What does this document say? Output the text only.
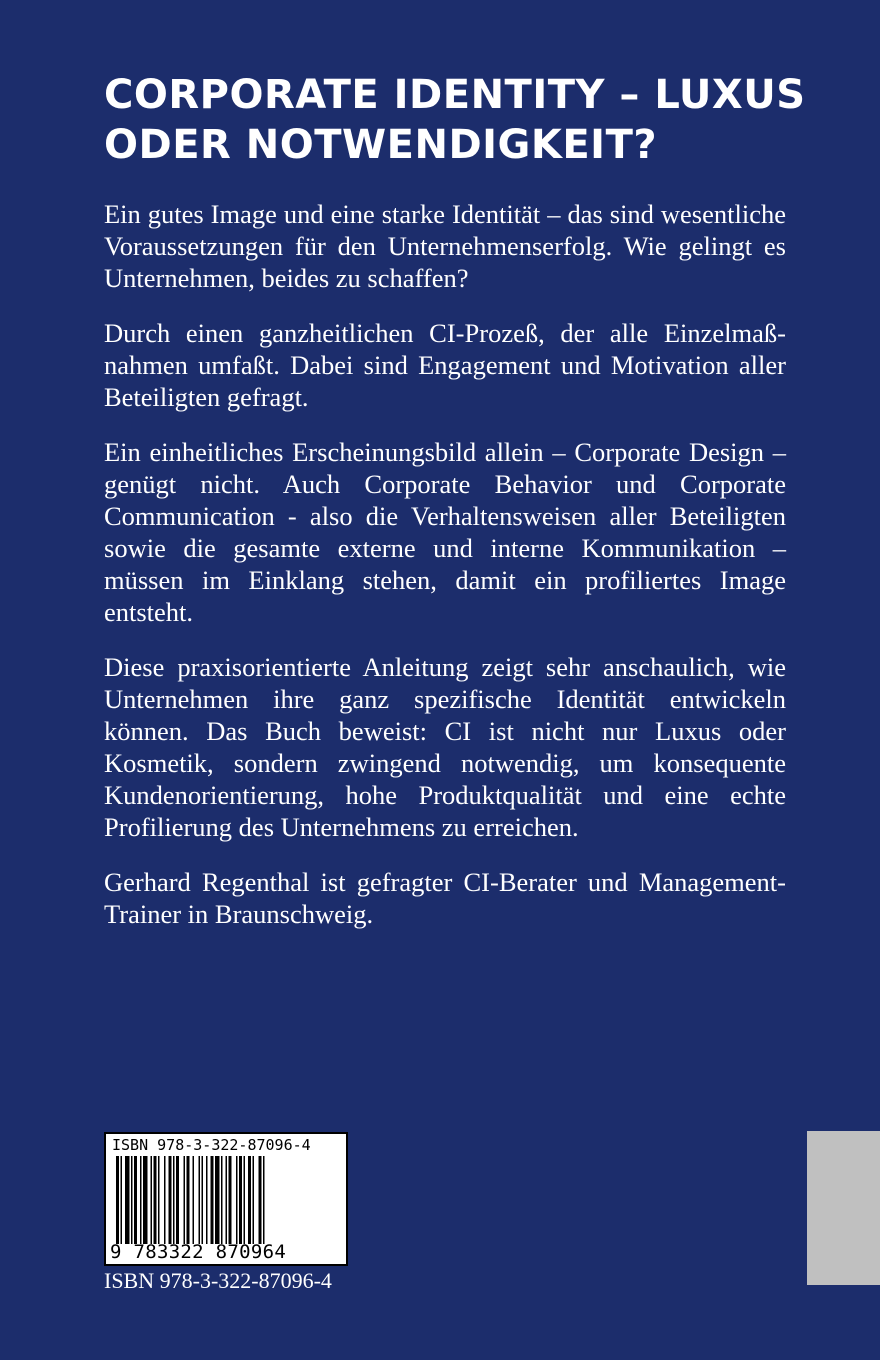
CORPORATE IDENTITY – LUXUS
ODER NOTWENDIGKEIT?

Ein gutes Image und eine starke Identität – das sind wesentliche Voraussetzungen für den Unternehmenserfolg. Wie gelingt es Unternehmen, beides zu schaffen?

Durch einen ganzheitlichen CI-Prozeß, der alle Einzelmaßnahmen umfaßt. Dabei sind Engagement und Motivation aller Beteiligten gefragt.

Ein einheitliches Erscheinungsbild allein – Corporate Design – genügt nicht. Auch Corporate Behavior und Corporate Communication - also die Verhaltensweisen aller Beteiligten sowie die gesamte externe und interne Kommunikation – müssen im Einklang stehen, damit ein profiliertes Image entsteht.

Diese praxisorientierte Anleitung zeigt sehr anschaulich, wie Unternehmen ihre ganz spezifische Identität entwickeln können. Das Buch beweist: CI ist nicht nur Luxus oder Kosmetik, sondern zwingend notwendig, um konsequente Kundenorientierung, hohe Produktqualität und eine echte Profilierung des Unternehmens zu erreichen.

Gerhard Regenthal ist gefragter CI-Berater und Management-Trainer in Braunschweig.

ISBN 978-3-322-87096-4
9 783322 870964
ISBN 978-3-322-87096-4
